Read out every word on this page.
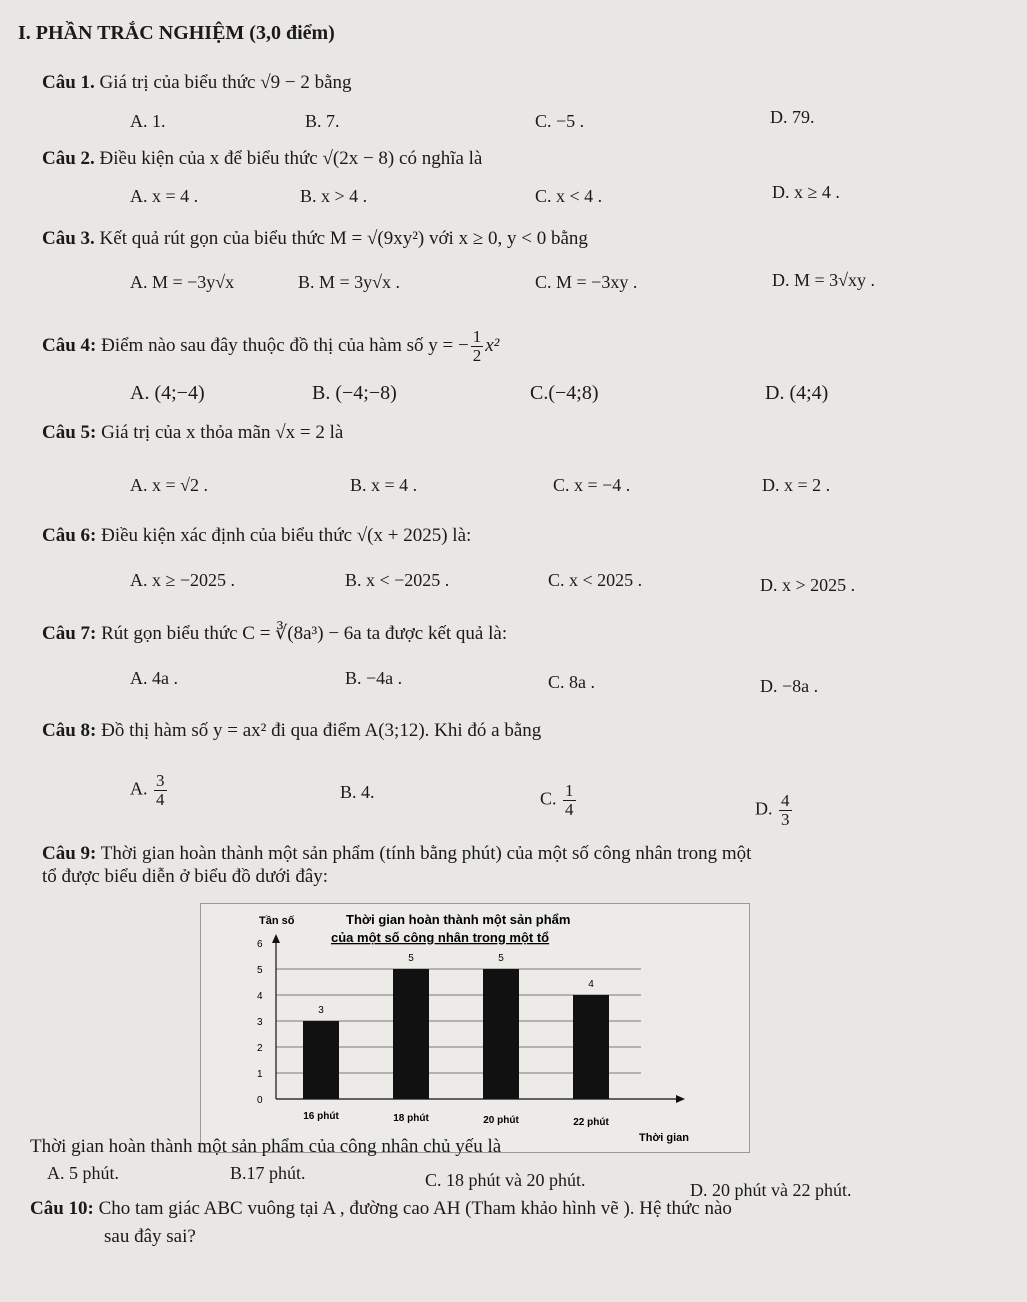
I. PHẦN TRẮC NGHIỆM (3,0 điểm)
Câu 1. Giá trị của biểu thức √9 − 2 bằng
A. 1.	B. 7.	C. −5 .	D. 79.
Câu 2. Điều kiện của x để biểu thức √(2x − 8) có nghĩa là
A. x = 4 .	B. x > 4 .	C. x < 4 .	D. x ≥ 4 .
Câu 3. Kết quả rút gọn của biểu thức M = √(9xy²) với x ≥ 0, y < 0 bằng
A. M = −3y√x	B. M = 3y√x .	C. M = −3xy .	D. M = 3√xy .
Câu 4: Điểm nào sau đây thuộc đồ thị của hàm số y = − $\frac{1}{2} x^2$
A. (4;−4)	B. (−4;−8)	C.(−4;8)	D. (4;4)
Câu 5: Giá trị của x thỏa mãn √x = 2 là
A. x = √2 .	B. x = 4 .	C. x = −4 .	D. x = 2 .
Câu 6: Điều kiện xác định của biểu thức √(x + 2025) là:
A. x ≥ −2025 .	B. x < −2025 .	C. x < 2025 .	D. x > 2025 .
Câu 7: Rút gọn biểu thức C = ∛(8a³) − 6a ta được kết quả là:
A. 4a .	B. −4a .	C. 8a .	D. −8a .
Câu 8: Đồ thị hàm số y = ax² đi qua điểm A(3;12). Khi đó a bằng
A. $\frac{3}{4}$	B. 4.	C. $\frac{1}{4}$	D. $\frac{4}{3}$
Câu 9: Thời gian hoàn thành một sản phẩm (tính bằng phút) của một số công nhân trong một
tổ được biểu diễn ở biểu đồ dưới đây:
Thời gian hoàn thành một sản phẩm
của một số công nhân trong một tổ
Tần số
Thời gian
0
1
2
3
4
5
6
3
16 phút
5
18 phút
5
20 phút
4
22 phút
Thời gian hoàn thành một sản phẩm của công nhân chủ yếu là
A. 5 phút.	B.17 phút.	C. 18 phút và 20 phút.	D. 20 phút và 22 phút.
Câu 10: Cho tam giác ABC vuông tại A , đường cao AH (Tham khảo hình vẽ ). Hệ thức nào
sau đây sai?
